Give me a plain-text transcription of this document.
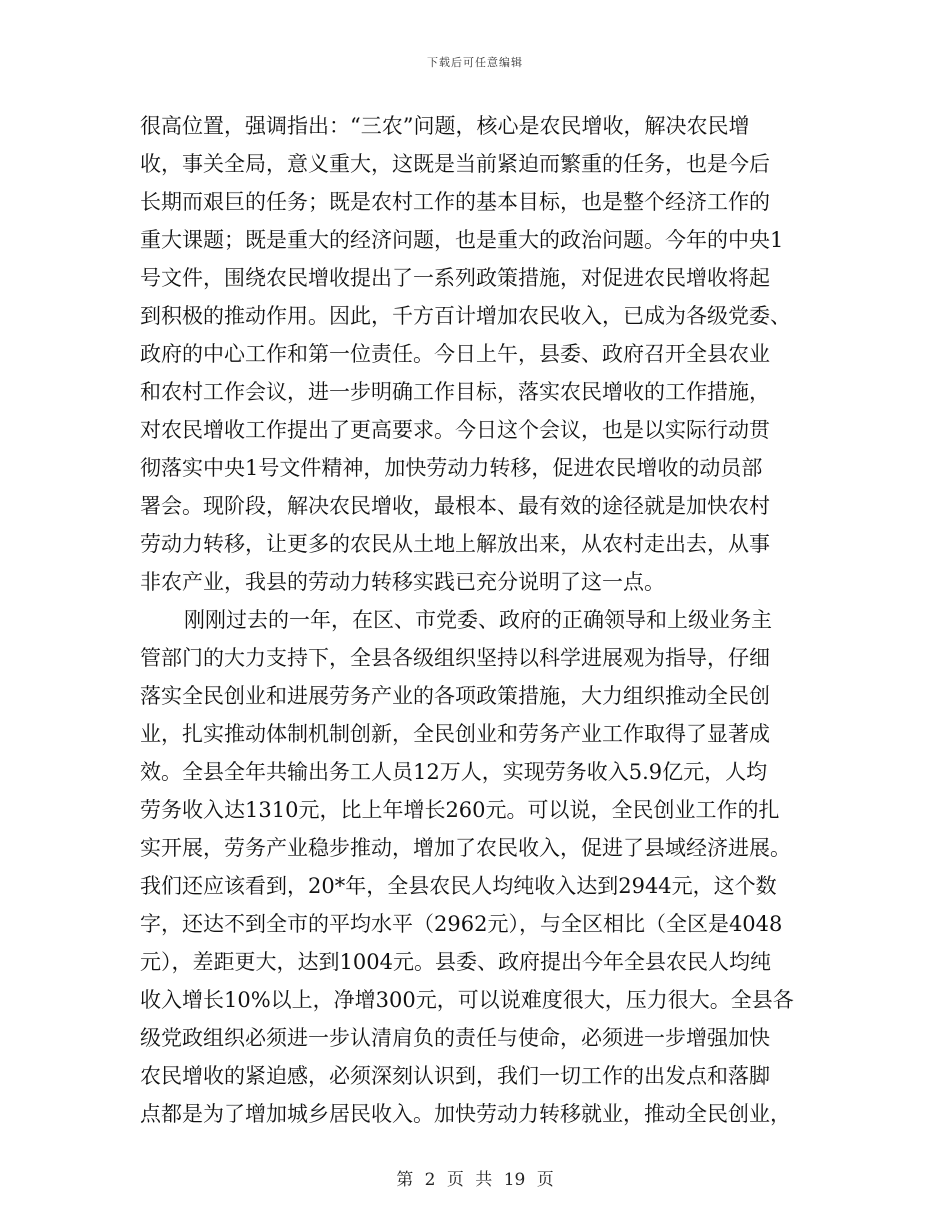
下载后可任意编辑
很高位置，强调指出：“三农”问题，核心是农民增收，解决农民增
收，事关全局，意义重大，这既是当前紧迫而繁重的任务，也是今后
长期而艰巨的任务；既是农村工作的基本目标，也是整个经济工作的
重大课题；既是重大的经济问题，也是重大的政治问题。今年的中央1
号文件，围绕农民增收提出了一系列政策措施，对促进农民增收将起
到积极的推动作用。因此，千方百计增加农民收入，已成为各级党委、
政府的中心工作和第一位责任。今日上午，县委、政府召开全县农业
和农村工作会议，进一步明确工作目标，落实农民增收的工作措施，
对农民增收工作提出了更高要求。今日这个会议，也是以实际行动贯
彻落实中央1号文件精神，加快劳动力转移，促进农民增收的动员部
署会。现阶段，解决农民增收，最根本、最有效的途径就是加快农村
劳动力转移，让更多的农民从土地上解放出来，从农村走出去，从事
非农产业，我县的劳动力转移实践已充分说明了这一点。
刚刚过去的一年，在区、市党委、政府的正确领导和上级业务主
管部门的大力支持下，全县各级组织坚持以科学进展观为指导，仔细
落实全民创业和进展劳务产业的各项政策措施，大力组织推动全民创
业，扎实推动体制机制创新，全民创业和劳务产业工作取得了显著成
效。全县全年共输出务工人员12万人，实现劳务收入5.9亿元，人均
劳务收入达1310元，比上年增长260元。可以说，全民创业工作的扎
实开展，劳务产业稳步推动，增加了农民收入，促进了县域经济进展。
我们还应该看到，20*年，全县农民人均纯收入达到2944元，这个数
字，还达不到全市的平均水平（2962元），与全区相比（全区是4048
元），差距更大，达到1004元。县委、政府提出今年全县农民人均纯
收入增长10%以上，净增300元，可以说难度很大，压力很大。全县各
级党政组织必须进一步认清肩负的责任与使命，必须进一步增强加快
农民增收的紧迫感，必须深刻认识到，我们一切工作的出发点和落脚
点都是为了增加城乡居民收入。加快劳动力转移就业，推动全民创业，
第 2 页 共 19 页
